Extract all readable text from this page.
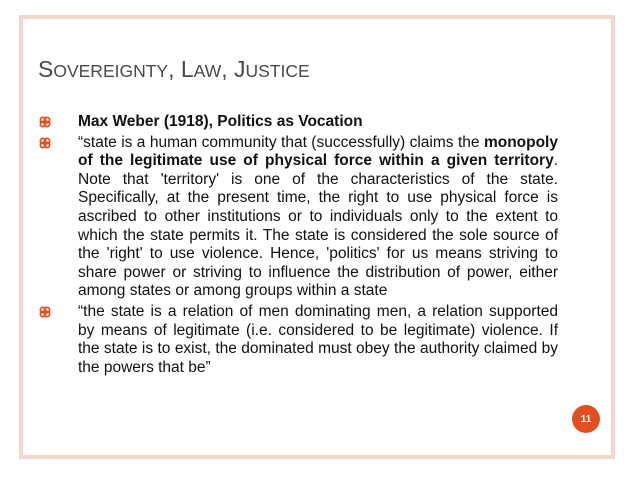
SOVEREIGNTY, LAW, JUSTICE
Max Weber (1918), Politics as Vocation
“state is a human community that (successfully) claims the monopoly of the legitimate use of physical force within a given territory. Note that 'territory' is one of the characteristics of the state. Specifically, at the present time, the right to use physical force is ascribed to other institutions or to individuals only to the extent to which the state permits it. The state is considered the sole source of the 'right' to use violence. Hence, 'politics' for us means striving to share power or striving to influence the distribution of power, either among states or among groups within a state
“the state is a relation of men dominating men, a relation supported by means of legitimate (i.e. considered to be legitimate) violence. If the state is to exist, the dominated must obey the authority claimed by the powers that be”
11
